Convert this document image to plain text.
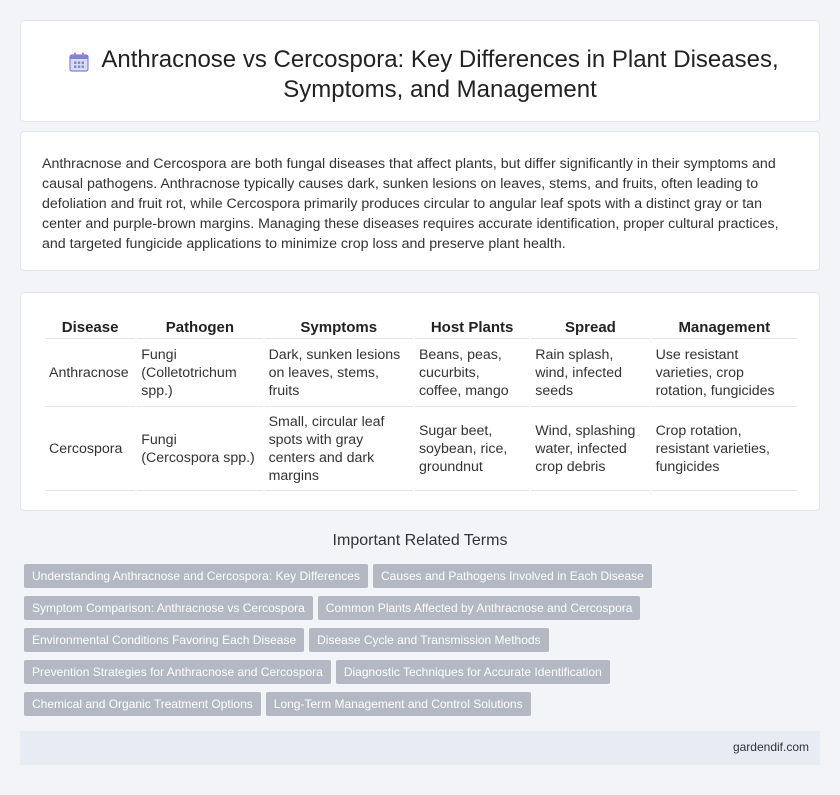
Anthracnose vs Cercospora: Key Differences in Plant Diseases, Symptoms, and Management

Anthracnose and Cercospora are both fungal diseases that affect plants, but differ significantly in their symptoms and causal pathogens. Anthracnose typically causes dark, sunken lesions on leaves, stems, and fruits, often leading to defoliation and fruit rot, while Cercospora primarily produces circular to angular leaf spots with a distinct gray or tan center and purple-brown margins. Managing these diseases requires accurate identification, proper cultural practices, and targeted fungicide applications to minimize crop loss and preserve plant health.

Disease	Pathogen	Symptoms	Host Plants	Spread	Management
Anthracnose	Fungi (Colletotrichum spp.)	Dark, sunken lesions on leaves, stems, fruits	Beans, peas, cucurbits, coffee, mango	Rain splash, wind, infected seeds	Use resistant varieties, crop rotation, fungicides
Cercospora	Fungi (Cercospora spp.)	Small, circular leaf spots with gray centers and dark margins	Sugar beet, soybean, rice, groundnut	Wind, splashing water, infected crop debris	Crop rotation, resistant varieties, fungicides
Important Related Terms
Understanding Anthracnose and Cercospora: Key Differences Causes and Pathogens Involved in Each Disease
Symptom Comparison: Anthracnose vs Cercospora Common Plants Affected by Anthracnose and Cercospora
Environmental Conditions Favoring Each Disease Disease Cycle and Transmission Methods
Prevention Strategies for Anthracnose and Cercospora Diagnostic Techniques for Accurate Identification
Chemical and Organic Treatment Options Long-Term Management and Control Solutions
gardendif.com
